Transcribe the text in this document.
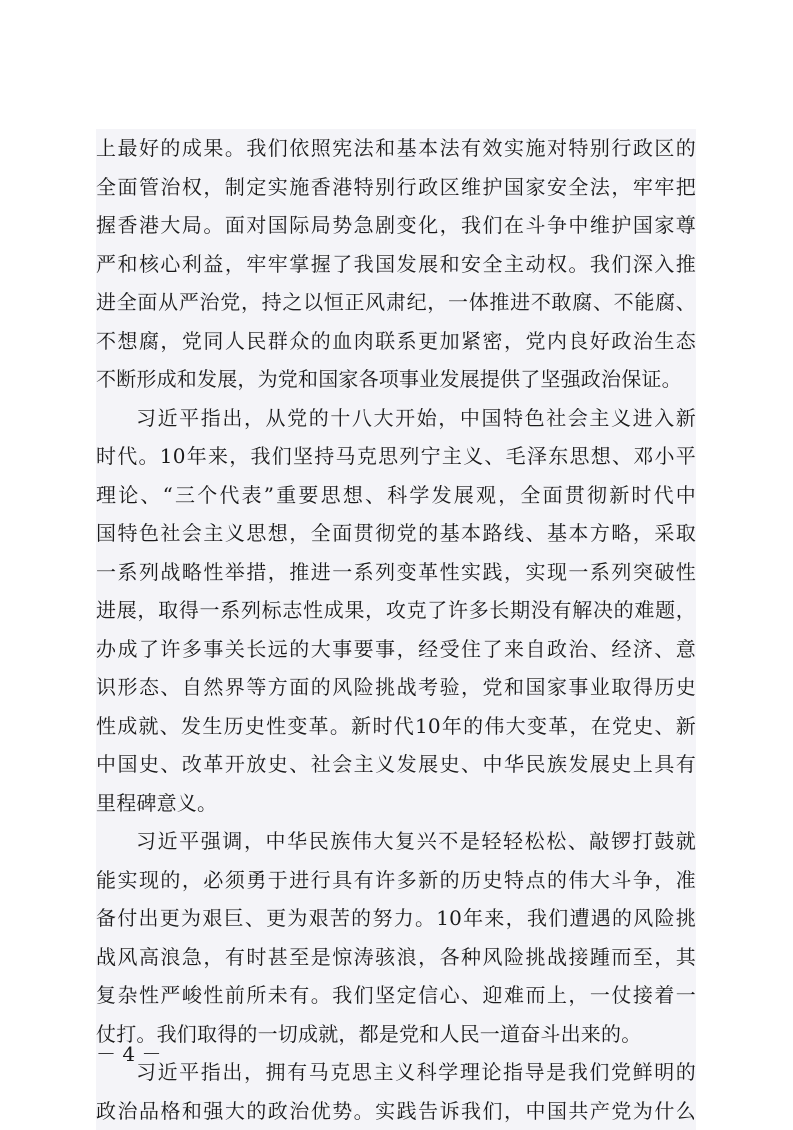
上最好的成果。我们依照宪法和基本法有效实施对特别行政区的
全面管治权，制定实施香港特别行政区维护国家安全法，牢牢把
握香港大局。面对国际局势急剧变化，我们在斗争中维护国家尊
严和核心利益，牢牢掌握了我国发展和安全主动权。我们深入推
进全面从严治党，持之以恒正风肃纪，一体推进不敢腐、不能腐、
不想腐，党同人民群众的血肉联系更加紧密，党内良好政治生态
不断形成和发展，为党和国家各项事业发展提供了坚强政治保证。
习近平指出，从党的十八大开始，中国特色社会主义进入新
时代。10年来，我们坚持马克思列宁主义、毛泽东思想、邓小平
理论、“三个代表”重要思想、科学发展观，全面贯彻新时代中
国特色社会主义思想，全面贯彻党的基本路线、基本方略，采取
一系列战略性举措，推进一系列变革性实践，实现一系列突破性
进展，取得一系列标志性成果，攻克了许多长期没有解决的难题，
办成了许多事关长远的大事要事，经受住了来自政治、经济、意
识形态、自然界等方面的风险挑战考验，党和国家事业取得历史
性成就、发生历史性变革。新时代10年的伟大变革，在党史、新
中国史、改革开放史、社会主义发展史、中华民族发展史上具有
里程碑意义。
习近平强调，中华民族伟大复兴不是轻轻松松、敲锣打鼓就
能实现的，必须勇于进行具有许多新的历史特点的伟大斗争，准
备付出更为艰巨、更为艰苦的努力。10年来，我们遭遇的风险挑
战风高浪急，有时甚至是惊涛骇浪，各种风险挑战接踵而至，其
复杂性严峻性前所未有。我们坚定信心、迎难而上，一仗接着一
仗打。我们取得的一切成就，都是党和人民一道奋斗出来的。
习近平指出，拥有马克思主义科学理论指导是我们党鲜明的
政治品格和强大的政治优势。实践告诉我们，中国共产党为什么
－ 4 －
